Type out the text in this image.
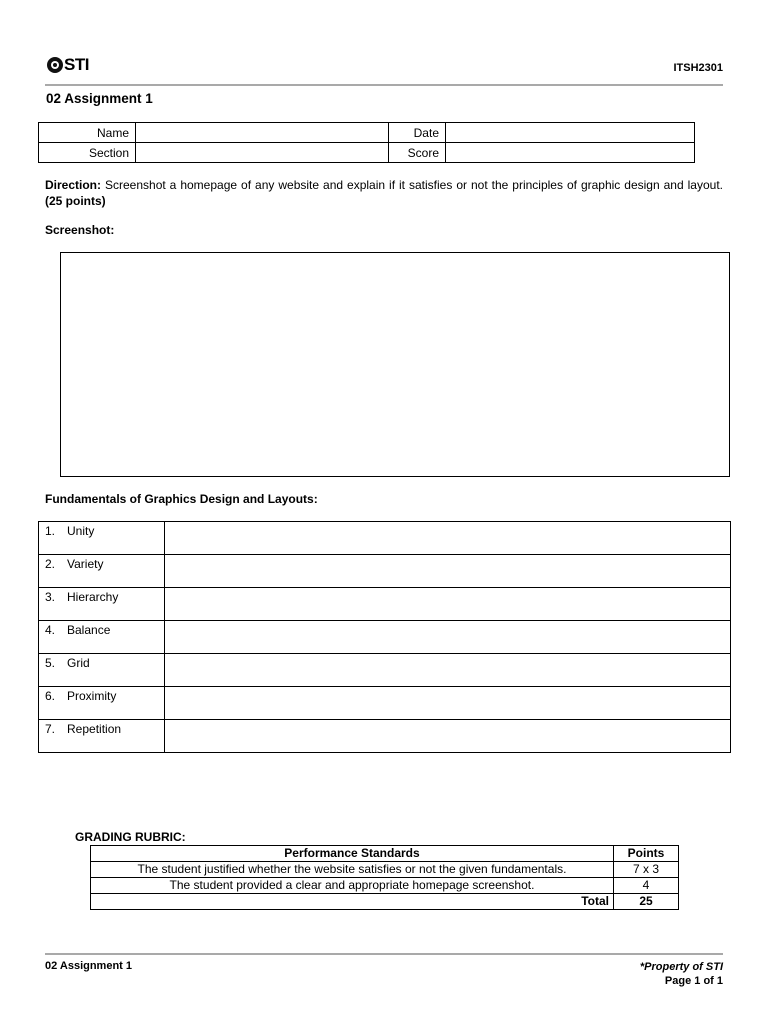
STI	ITSH2301
02 Assignment 1
Name		Date	
Section		Score	
Direction: Screenshot a homepage of any website and explain if it satisfies or not the principles of graphic design and layout. (25 points)
Screenshot:
Fundamentals of Graphics Design and Layouts:
1. Unity	
2. Variety	
3. Hierarchy	
4. Balance	
5. Grid	
6. Proximity	
7. Repetition	
GRADING RUBRIC:
Performance Standards	Points
The student justified whether the website satisfies or not the given fundamentals.	7 x 3
The student provided a clear and appropriate homepage screenshot.	4
Total	25
02 Assignment 1	*Property of STI
Page 1 of 1
